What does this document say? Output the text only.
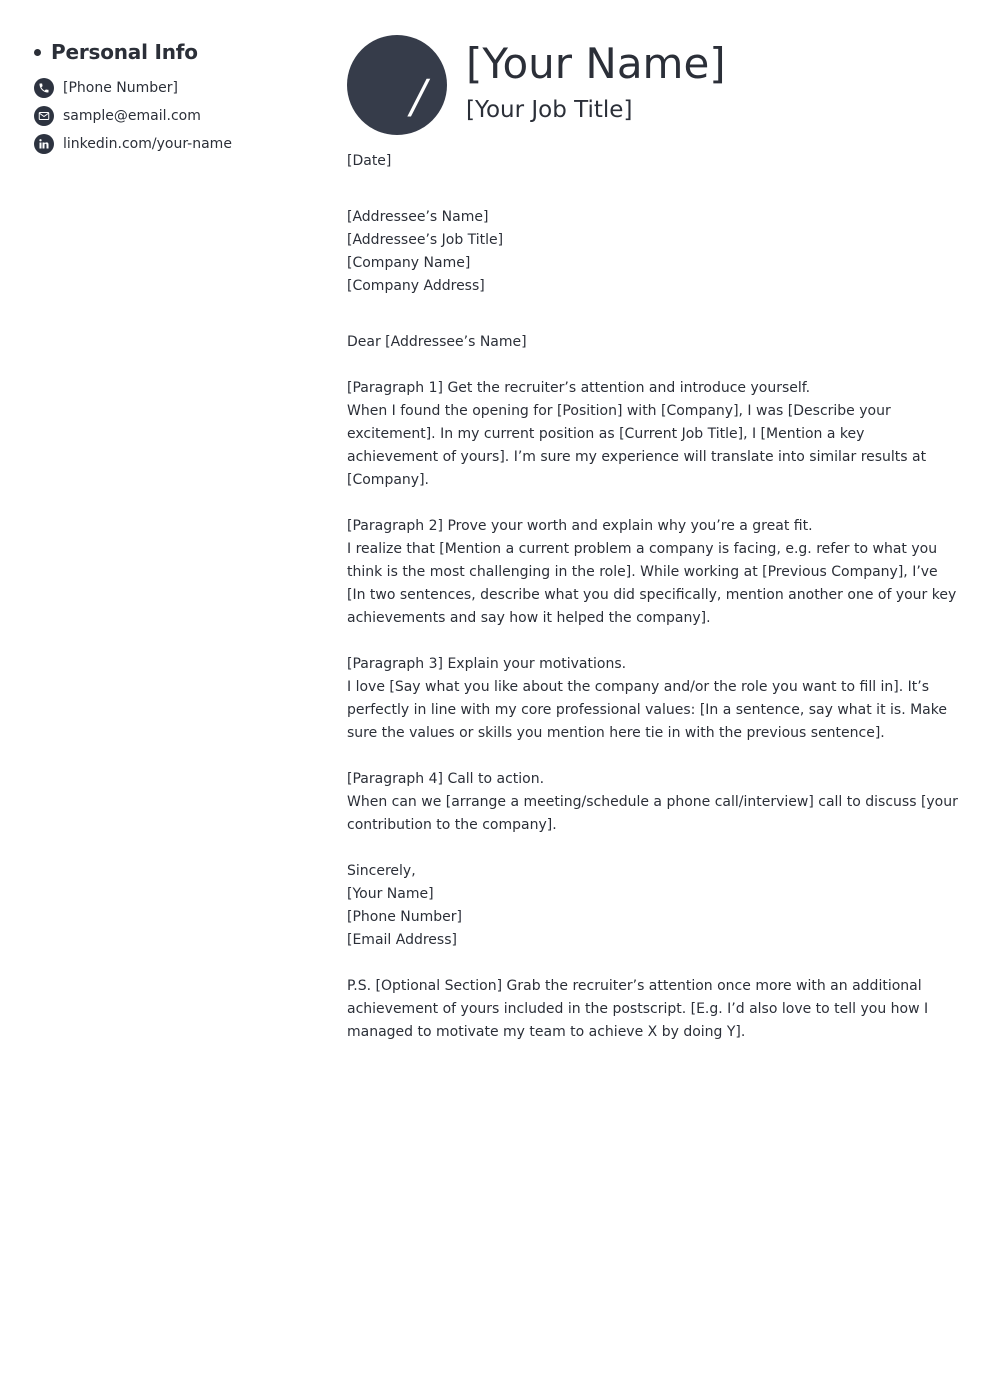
Personal Info
[Phone Number]
sample@email.com
linkedin.com/your-name
/
[Your Name]
[Your Job Title]

[Date]

[Addressee’s Name]

[Addressee’s Job Title]

[Company Name]

[Company Address]

Dear [Addressee’s Name]

[Paragraph 1] Get the recruiter’s attention and introduce yourself.

When I found the opening for [Position] with [Company], I was [Describe your excitement]. In my current position as [Current Job Title], I [Mention a key achievement of yours]. I’m sure my experience will translate into similar results at [Company].

[Paragraph 2] Prove your worth and explain why you’re a great fit.

I realize that [Mention a current problem a company is facing, e.g. refer to what you think is the most challenging in the role]. While working at [Previous Company], I’ve [In two sentences, describe what you did specifically, mention another one of your key achievements and say how it helped the company].

[Paragraph 3] Explain your motivations.

I love [Say what you like about the company and/or the role you want to fill in]. It’s perfectly in line with my core professional values: [In a sentence, say what it is. Make sure the values or skills you mention here tie in with the previous sentence].

[Paragraph 4] Call to action.

When can we [arrange a meeting/schedule a phone call/interview] call to discuss [your contribution to the company].

Sincerely,

[Your Name]

[Phone Number]

[Email Address]

P.S. [Optional Section] Grab the recruiter’s attention once more with an additional achievement of yours included in the postscript. [E.g. I’d also love to tell you how I managed to motivate my team to achieve X by doing Y].
